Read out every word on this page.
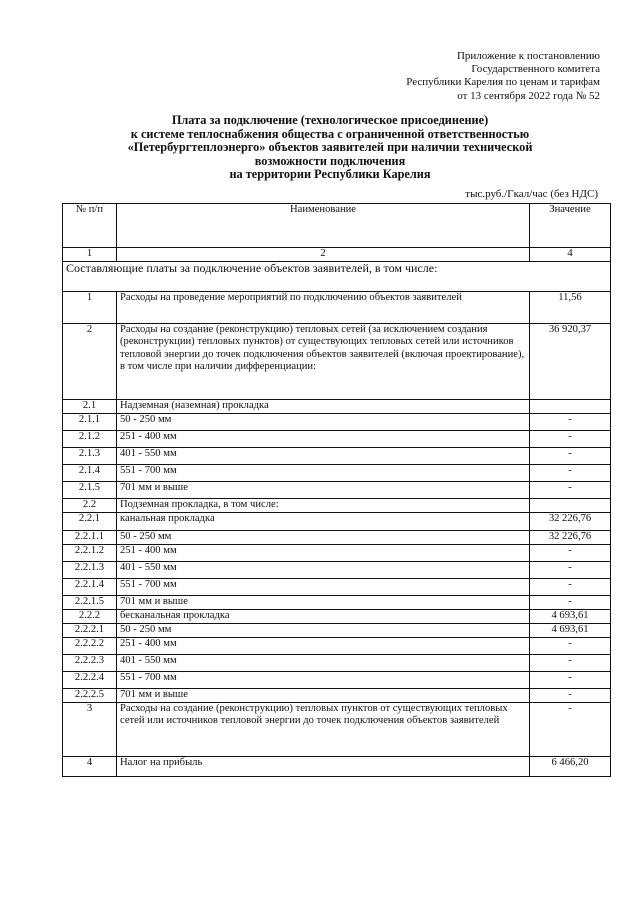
Приложение к постановлению
Государственного комитета
Республики Карелия по ценам и тарифам
от 13 сентября 2022 года № 52
Плата за подключение (технологическое присоединение)
к системе теплоснабжения общества с ограниченной ответственностью
«Петербургтеплоэнерго» объектов заявителей при наличии технической
возможности подключения
на территории Республики Карелия
тыс.руб./Гкал/час (без НДС)
№ п/п	Наименование	Значение
1	2	4
Составляющие платы за подключение объектов заявителей, в том числе:		
1	Расходы на проведение мероприятий по подключению объектов заявителей	11,56
2	Расходы на создание (реконструкцию) тепловых сетей (за исключением создания (реконструкции) тепловых пунктов) от существующих тепловых сетей или источников тепловой энергии до точек подключения объектов заявителей (включая проектирование), в том числе при наличии дифференциации:	36 920,37
2.1	Надземная (наземная) прокладка	
2.1.1	50 - 250 мм	-
2.1.2	251 - 400 мм	-
2.1.3	401 - 550 мм	-
2.1.4	551 - 700 мм	-
2.1.5	701 мм и выше	-
2.2	Подземная прокладка, в том числе:	
2.2.1	канальная прокладка	32 226,76
2.2.1.1	50 - 250 мм	32 226,76
2.2.1.2	251 - 400 мм	-
2.2.1.3	401 - 550 мм	-
2.2.1.4	551 - 700 мм	-
2.2.1.5	701 мм и выше	-
2.2.2	бесканальная прокладка	4 693,61
2.2.2.1	50 - 250 мм	4 693,61
2.2.2.2	251 - 400 мм	-
2.2.2.3	401 - 550 мм	-
2.2.2.4	551 - 700 мм	-
2.2.2.5	701 мм и выше	-
3	Расходы на создание (реконструкцию) тепловых пунктов от существующих тепловых сетей или источников тепловой энергии до точек подключения объектов заявителей	-
4	Налог на прибыль	6 466,20
